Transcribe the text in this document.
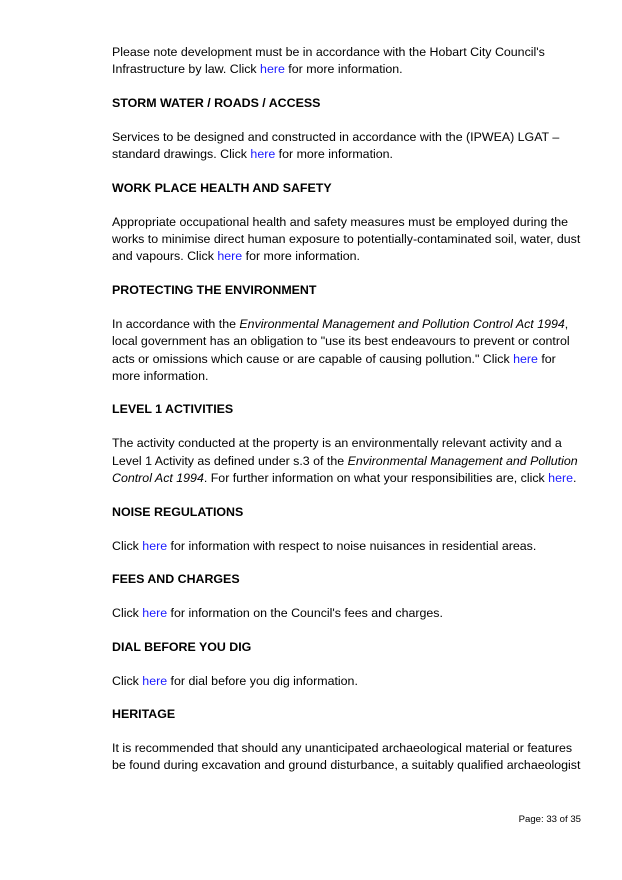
Please note development must be in accordance with the Hobart City Council's Infrastructure by law. Click here for more information.

STORM WATER / ROADS / ACCESS

Services to be designed and constructed in accordance with the (IPWEA) LGAT – standard drawings. Click here for more information.

WORK PLACE HEALTH AND SAFETY

Appropriate occupational health and safety measures must be employed during the works to minimise direct human exposure to potentially-contaminated soil, water, dust and vapours. Click here for more information.

PROTECTING THE ENVIRONMENT

In accordance with the Environmental Management and Pollution Control Act 1994, local government has an obligation to "use its best endeavours to prevent or control acts or omissions which cause or are capable of causing pollution." Click here for more information.

LEVEL 1 ACTIVITIES

The activity conducted at the property is an environmentally relevant activity and a Level 1 Activity as defined under s.3 of the Environmental Management and Pollution Control Act 1994. For further information on what your responsibilities are, click here.

NOISE REGULATIONS

Click here for information with respect to noise nuisances in residential areas.

FEES AND CHARGES

Click here for information on the Council's fees and charges.

DIAL BEFORE YOU DIG

Click here for dial before you dig information.

HERITAGE

It is recommended that should any unanticipated archaeological material or features be found during excavation and ground disturbance, a suitably qualified archaeologist

Page: 33 of 35
